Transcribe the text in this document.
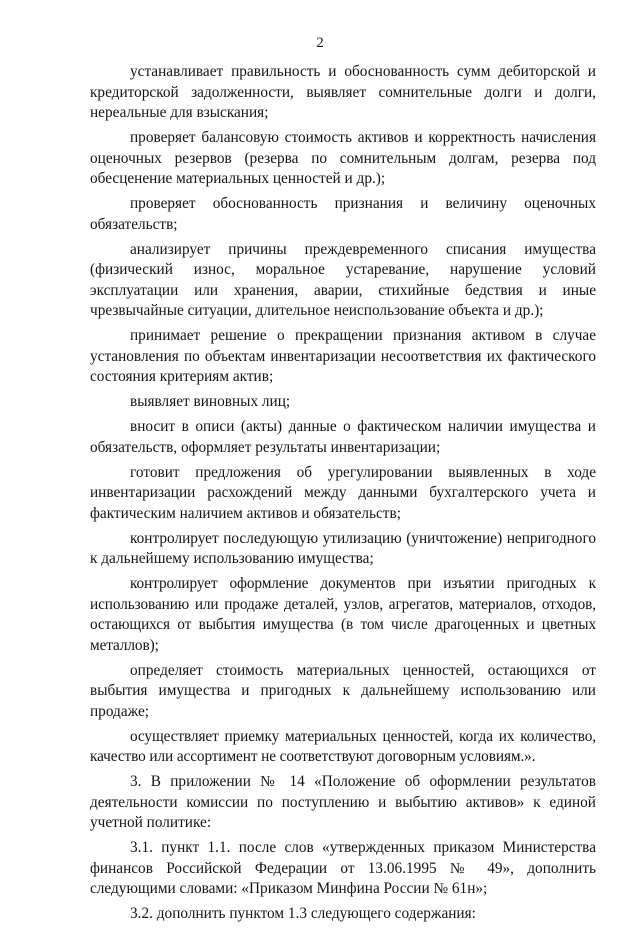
2

устанавливает правильность и обоснованность сумм дебиторской и кредиторской задолженности, выявляет сомнительные долги и долги, нереальные для взыскания;

проверяет балансовую стоимость активов и корректность начисления оценочных резервов (резерва по сомнительным долгам, резерва под обесценение материальных ценностей и др.);

проверяет обоснованность признания и величину оценочных обязательств;

анализирует причины преждевременного списания имущества (физический износ, моральное устаревание, нарушение условий эксплуатации или хранения, аварии, стихийные бедствия и иные чрезвычайные ситуации, длительное неиспользование объекта и др.);

принимает решение о прекращении признания активом в случае установления по объектам инвентаризации несоответствия их фактического состояния критериям актив;

выявляет виновных лиц;

вносит в описи (акты) данные о фактическом наличии имущества и обязательств, оформляет результаты инвентаризации;

готовит предложения об урегулировании выявленных в ходе инвентаризации расхождений между данными бухгалтерского учета и фактическим наличием активов и обязательств;

контролирует последующую утилизацию (уничтожение) непригодного к дальнейшему использованию имущества;

контролирует оформление документов при изъятии пригодных к использованию или продаже деталей, узлов, агрегатов, материалов, отходов, остающихся от выбытия имущества (в том числе драгоценных и цветных металлов);

определяет стоимость материальных ценностей, остающихся от выбытия имущества и пригодных к дальнейшему использованию или продаже;

осуществляет приемку материальных ценностей, когда их количество, качество или ассортимент не соответствуют договорным условиям.».

3. В приложении № 14 «Положение об оформлении результатов деятельности комиссии по поступлению и выбытию активов» к единой учетной политике:

3.1. пункт 1.1. после слов «утвержденных приказом Министерства финансов Российской Федерации от 13.06.1995 № 49», дополнить следующими словами: «Приказом Минфина России № 61н»;

3.2. дополнить пунктом 1.3 следующего содержания:
